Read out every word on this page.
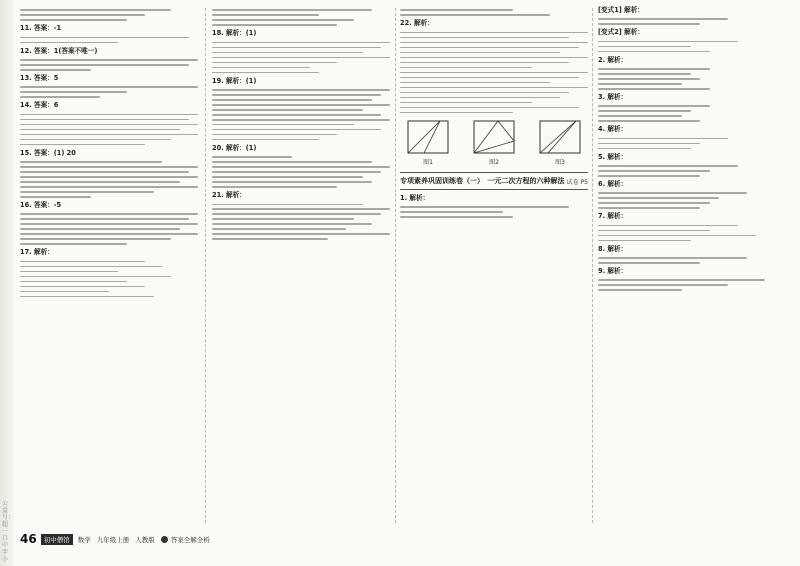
公益号：超一口中字小
11. 答案：-1
12. 答案：1(答案不唯一)
13. 答案：5
14. 答案：6
15. 答案：(1) 20
16. 答案：-5
17. 解析：
18. 解析：(1)
19. 解析：(1)
20. 解析：(1)
21. 解析：
22. 解析：
图1	图2	图3
专项素养巩固训练卷（一）　一元二次方程的六种解法 试卷 P5
1. 解析：
[变式1] 解析：
[变式2] 解析：
2. 解析：
3. 解析：
4. 解析：
5. 解析：
6. 解析：
7. 解析：
8. 解析：
9. 解析：
46	初中僧馆	数学 九年级上册 人教版 答案全解全析
